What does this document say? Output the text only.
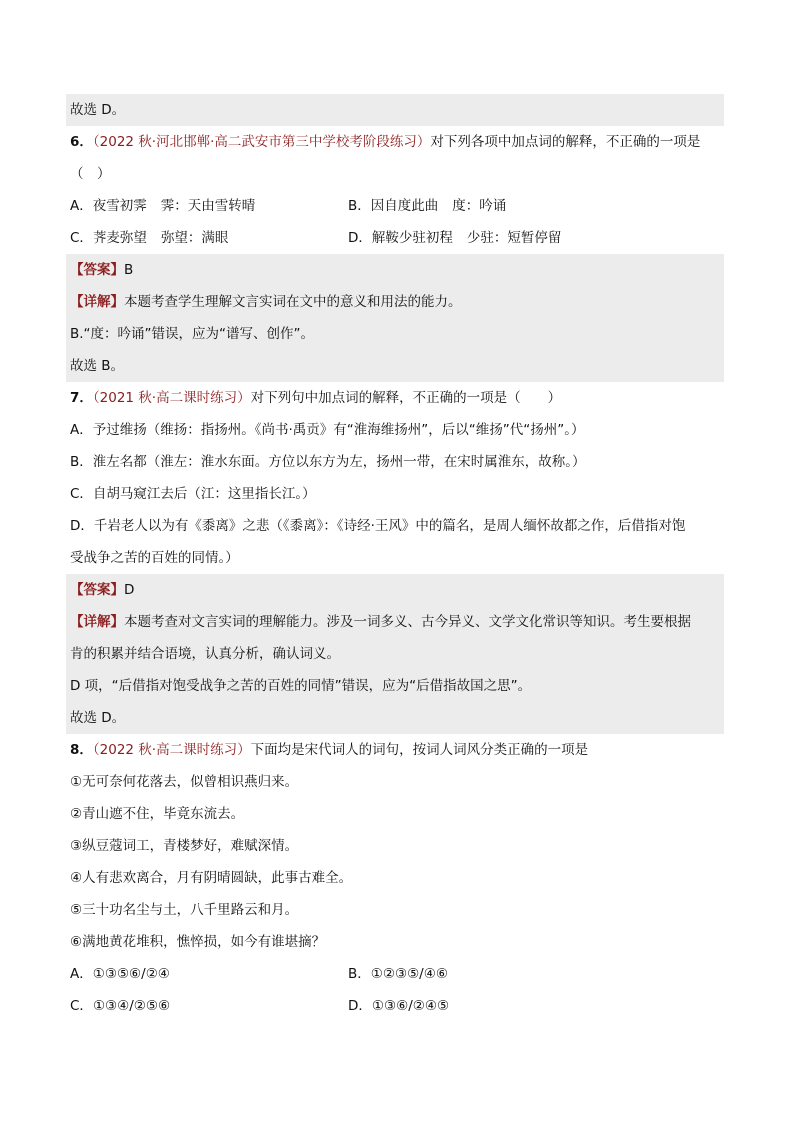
故选 D。
6．（2022 秋·河北邯郸·高二武安市第三中学校考阶段练习）对下列各项中加点词的解释，不正确的一项是
（　）
A．夜雪初霁 霁：天由雪转晴	B．因自度此曲 度：吟诵
C．荠麦弥望 弥望：满眼	D．解鞍少驻初程 少驻：短暂停留
【答案】B
【详解】本题考查学生理解文言实词在文中的意义和用法的能力。
B.“度：吟诵”错误，应为“谱写、创作”。
故选 B。
7．（2021 秋·高二课时练习）对下列句中加点词的解释，不正确的一项是（　　）
A．予过维扬（维扬：指扬州。《尚书·禹贡》有“淮海维扬州”，后以“维扬”代“扬州”。）
B．淮左名都（淮左：淮水东面。方位以东方为左，扬州一带，在宋时属淮东，故称。）
C．自胡马窥江去后（江：这里指长江。）
D．千岩老人以为有《黍离》之悲（《黍离》：《诗经·王风》中的篇名，是周人缅怀故都之作，后借指对饱
受战争之苦的百姓的同情。）
【答案】D
【详解】本题考查对文言实词的理解能力。涉及一词多义、古今异义、文学文化常识等知识。考生要根据
肯的积累并结合语境，认真分析，确认词义。
D 项，“后借指对饱受战争之苦的百姓的同情”错误，应为“后借指故国之思”。
故选 D。
8．（2022 秋·高二课时练习）下面均是宋代词人的词句，按词人词风分类正确的一项是
①无可奈何花落去，似曾相识燕归来。
②青山遮不住，毕竟东流去。
③纵豆蔻词工，青楼梦好，难赋深情。
④人有悲欢离合，月有阴晴圆缺，此事古难全。
⑤三十功名尘与土，八千里路云和月。
⑥满地黄花堆积，憔悴损，如今有谁堪摘？
A．①③⑤⑥/②④	B．①②③⑤/④⑥
C．①③④/②⑤⑥	D．①③⑥/②④⑤
